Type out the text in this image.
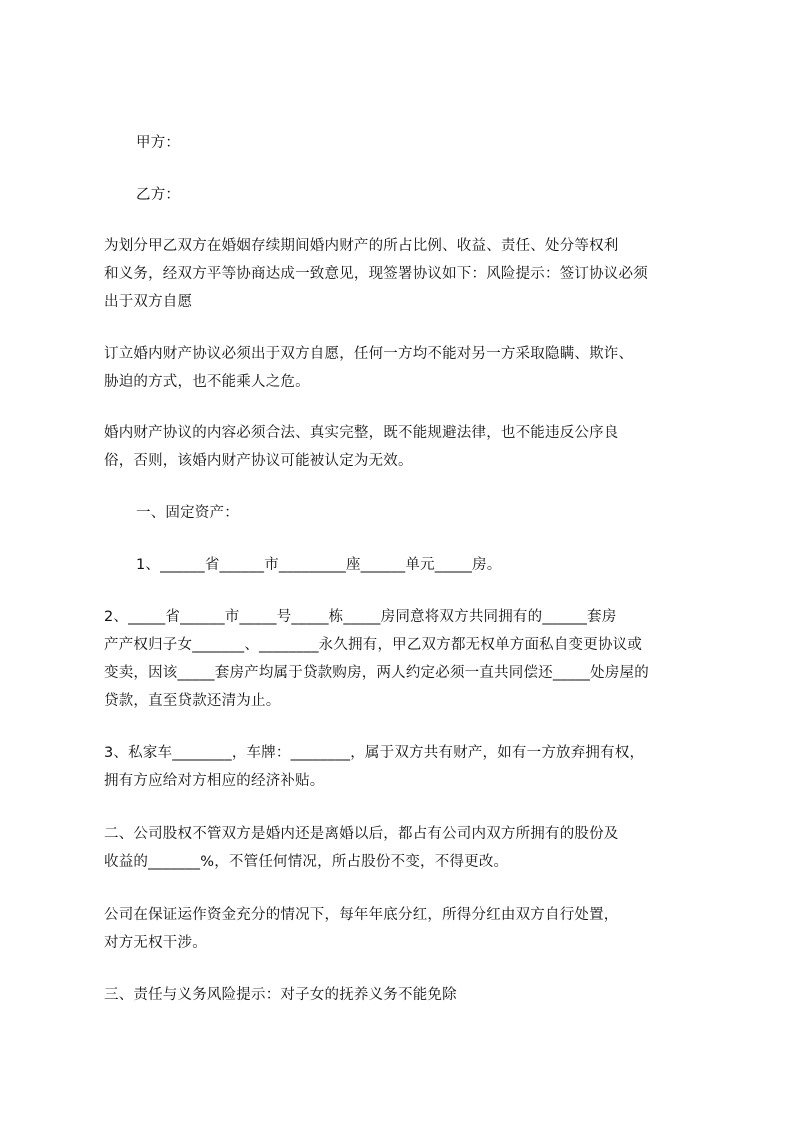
甲方：

乙方：

为划分甲乙双方在婚姻存续期间婚内财产的所占比例、收益、责任、处分等权利
和义务，经双方平等协商达成一致意见，现签署协议如下：风险提示：签订协议必须
出于双方自愿

订立婚内财产协议必须出于双方自愿，任何一方均不能对另一方采取隐瞒、欺诈、
胁迫的方式，也不能乘人之危。

婚内财产协议的内容必须合法、真实完整，既不能规避法律，也不能违反公序良
俗，否则，该婚内财产协议可能被认定为无效。

一、固定资产：

1、______省______市_________座______单元_____房。

2、_____省______市_____号_____栋_____房同意将双方共同拥有的______套房
产产权归子女_______、________永久拥有，甲乙双方都无权单方面私自变更协议或
变卖，因该_____套房产均属于贷款购房，两人约定必须一直共同偿还_____处房屋的
贷款，直至贷款还清为止。

3、私家车________，车牌：________，属于双方共有财产，如有一方放弃拥有权，
拥有方应给对方相应的经济补贴。

二、公司股权不管双方是婚内还是离婚以后，都占有公司内双方所拥有的股份及
收益的_______%，不管任何情况，所占股份不变，不得更改。

公司在保证运作资金充分的情况下，每年年底分红，所得分红由双方自行处置，
对方无权干涉。

三、责任与义务风险提示：对子女的抚养义务不能免除
